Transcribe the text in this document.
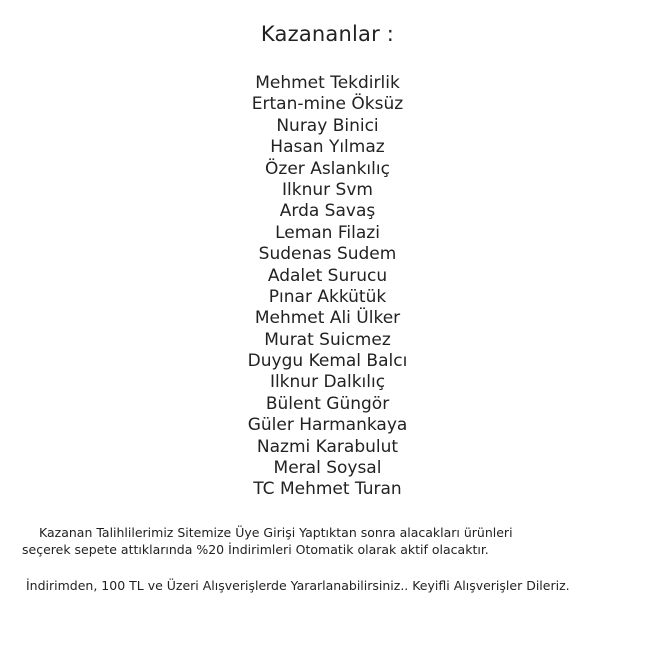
Kazananlar :
Mehmet Tekdirlik
Ertan-mine Öksüz
Nuray Binici
Hasan Yılmaz
Özer Aslankılıç
Ilknur Svm
Arda Savaş
Leman Filazi
Sudenas Sudem
Adalet Surucu
Pınar Akkütük
Mehmet Ali Ülker
Murat Suicmez
Duygu Kemal Balcı
Ilknur Dalkılıç
Bülent Güngör
Güler Harmankaya
Nazmi Karabulut
Meral Soysal
TC Mehmet Turan

Kazanan Talihlilerimiz Sitemize Üye Girişi Yaptıktan sonra alacakları ürünleri

seçerek sepete attıklarında %20 İndirimleri Otomatik olarak aktif olacaktır.

İndirimden, 100 TL ve Üzeri Alışverişlerde Yararlanabilirsiniz.. Keyifli Alışverişler Dileriz.
